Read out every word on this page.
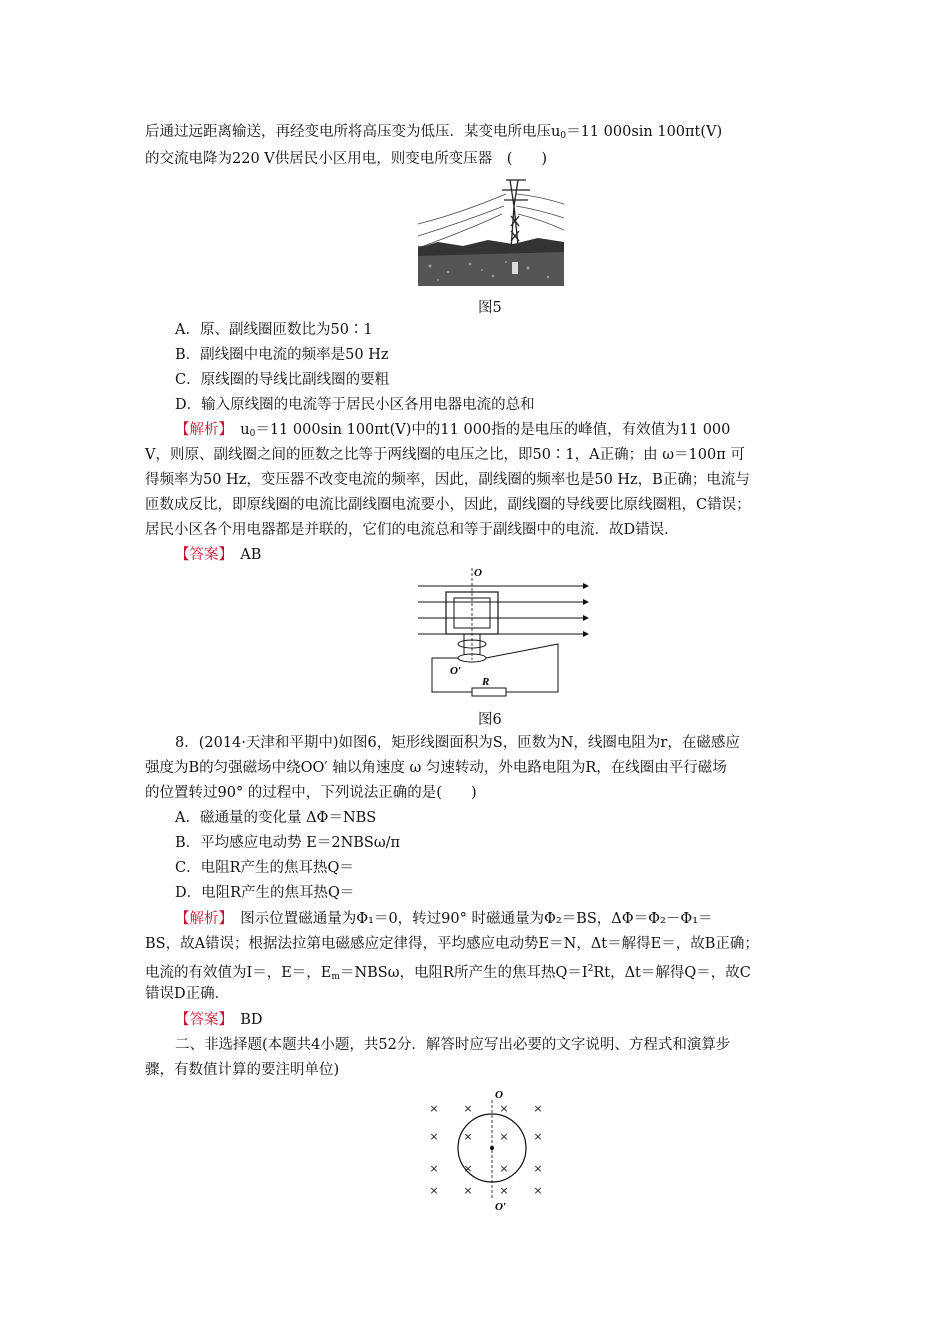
后通过远距离输送，再经变电所将高压变为低压．某变电所电压$u_0=11$ 000sin 100πt(V)
的交流电降为220 V供居民小区用电，则变电所变压器　(　　)
图5
A．原、副线圈匝数比为50∶1
B．副线圈中电流的频率是50 Hz
C．原线圈的导线比副线圈的要粗
D．输入原线圈的电流等于居民小区各用电器电流的总和
【解析】　 $u_0=11$ 000sin 100πt(V)中的11 000指的是电压的峰值，有效值为11 000
V，则原、副线圈之间的匝数之比等于两线圈的电压之比，即50∶1，A正确；由 ω＝100π 可
得频率为50 Hz，变压器不改变电流的频率，因此，副线圈的频率也是50 Hz，B正确；电流与
匝数成反比，即原线圈的电流比副线圈电流要小，因此，副线圈的导线要比原线圈粗，C错误；
居民小区各个用电器都是并联的，它们的电流总和等于副线圈中的电流．故D错误．
【答案】　 AB
O
O′
R
图6
8．(2014·天津和平期中)如图6，矩形线圈面积为S，匝数为N，线圈电阻为r，在磁感应
强度为B的匀强磁场中绕OO′ 轴以角速度 ω 匀速转动，外电路电阻为R，在线圈由平行磁场
的位置转过90° 的过程中，下列说法正确的是(　　)
A．磁通量的变化量 ΔΦ＝NBS
B．平均感应电动势 E＝2NBSω/π
C．电阻R产生的焦耳热Q＝
D．电阻R产生的焦耳热Q＝
【解析】　 图示位置磁通量为Φ₁＝0，转过90° 时磁通量为Φ₂＝BS，ΔΦ＝Φ₂－Φ₁＝
BS，故A错误；根据法拉第电磁感应定律得，平均感应电动势E＝N，Δt＝解得E＝，故B正确；
电流的有效值为I＝，E＝，$E_m=NBS\omega$，电阻R所产生的焦耳热$Q=I^2Rt$，Δt＝解得Q＝，故C
错误D正确．
【答案】　 BD
二、非选择题(本题共4小题，共52分．解答时应写出必要的文字说明、方程式和演算步
骤，有数值计算的要注明单位)
× × × ×
× × × ×
× × × ×
× × × ×
O
O′
